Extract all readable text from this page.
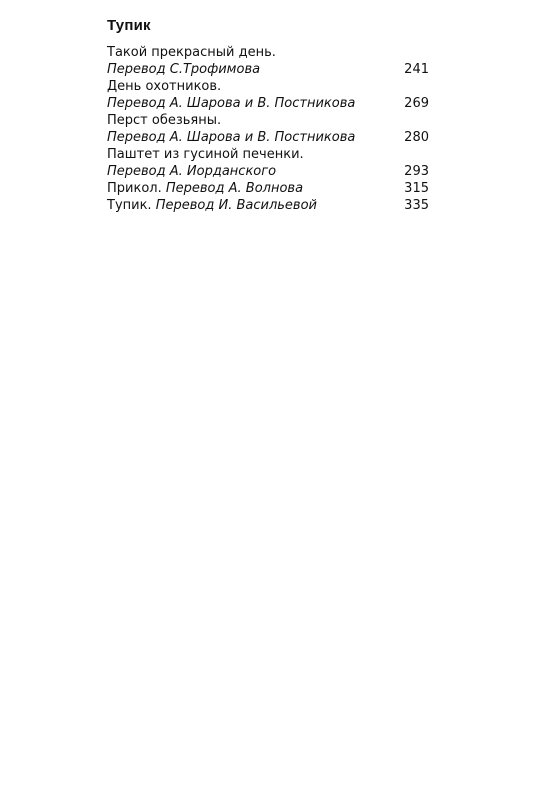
Тупик
Такой прекрасный день.
Перевод С.Трофимова	241
День охотников.
Перевод А. Шарова и В. Постникова	269
Перст обезьяны.
Перевод А. Шарова и В. Постникова	280
Паштет из гусиной печенки.
Перевод А. Иорданского	293
Прикол. Перевод А. Волнова	315
Тупик. Перевод И. Васильевой	335
